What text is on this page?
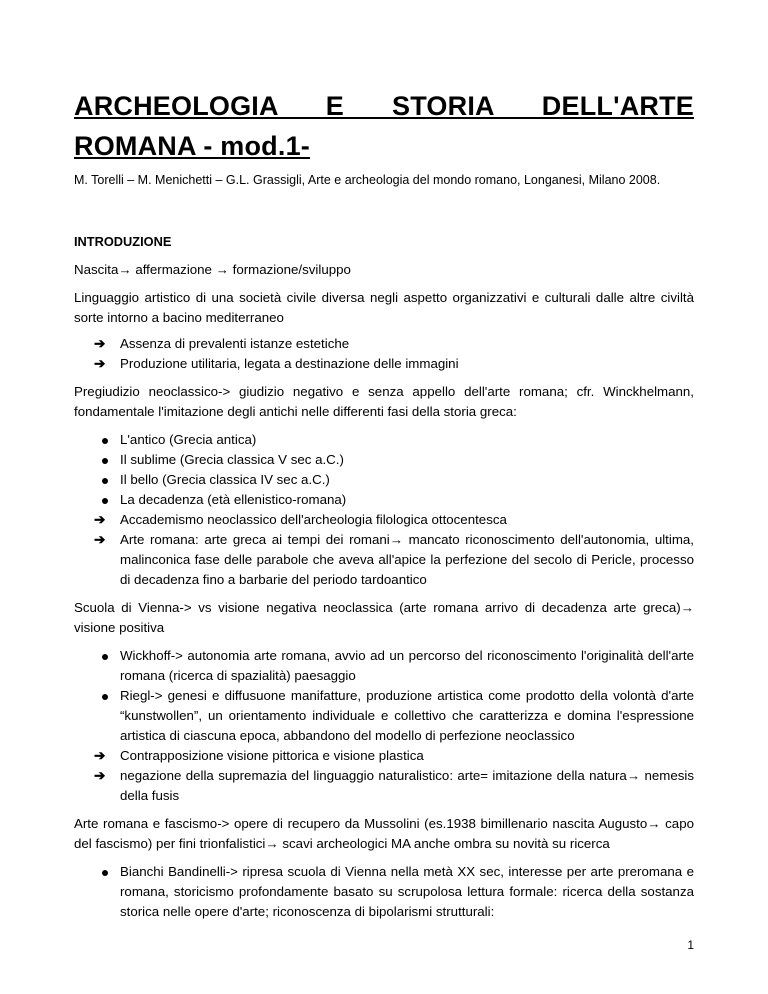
ARCHEOLOGIA E STORIA DELL'ARTE ROMANA - mod.1-

M. Torelli – M. Menichetti – G.L. Grassigli, Arte e archeologia del mondo romano, Longanesi, Milano 2008.

INTRODUZIONE

Nascita→ affermazione → formazione/sviluppo

Linguaggio artistico di una società civile diversa negli aspetto organizzativi e culturali dalle altre civiltà sorte intorno a bacino mediterraneo

➔	Assenza di prevalenti istanze estetiche
➔	Produzione utilitaria, legata a destinazione delle immagini

Pregiudizio neoclassico-> giudizio negativo e senza appello dell'arte romana; cfr. Winckhelmann, fondamentale l'imitazione degli antichi nelle differenti fasi della storia greca:

L'antico (Grecia antica)
Il sublime (Grecia classica V sec a.C.)
Il bello (Grecia classica IV sec a.C.)
La decadenza (età ellenistico-romana)
➔	Accademismo neoclassico dell'archeologia filologica ottocentesca
➔	Arte romana: arte greca ai tempi dei romani→ mancato riconoscimento dell'autonomia, ultima, malinconica fase delle parabole che aveva all'apice la perfezione del secolo di Pericle, processo di decadenza fino a barbarie del periodo tardoantico

Scuola di Vienna-> vs visione negativa neoclassica (arte romana arrivo di decadenza arte greca)→ visione positiva

Wickhoff-> autonomia arte romana, avvio ad un percorso del riconoscimento l'originalità dell'arte romana (ricerca di spazialità) paesaggio
Riegl-> genesi e diffusuone manifatture, produzione artistica come prodotto della volontà d'arte “kunstwollen”, un orientamento individuale e collettivo che caratterizza e domina l'espressione artistica di ciascuna epoca, abbandono del modello di perfezione neoclassico
➔	Contrapposizione visione pittorica e visione plastica
➔	negazione della supremazia del linguaggio naturalistico: arte= imitazione della natura→ nemesis della fusis

Arte romana e fascismo-> opere di recupero da Mussolini (es.1938 bimillenario nascita Augusto→ capo del fascismo) per fini trionfalistici→ scavi archeologici MA anche ombra su novità su ricerca

Bianchi Bandinelli-> ripresa scuola di Vienna nella metà XX sec, interesse per arte preromana e romana, storicismo profondamente basato su scrupolosa lettura formale: ricerca della sostanza storica nelle opere d'arte; riconoscenza di bipolarismi strutturali:
1
